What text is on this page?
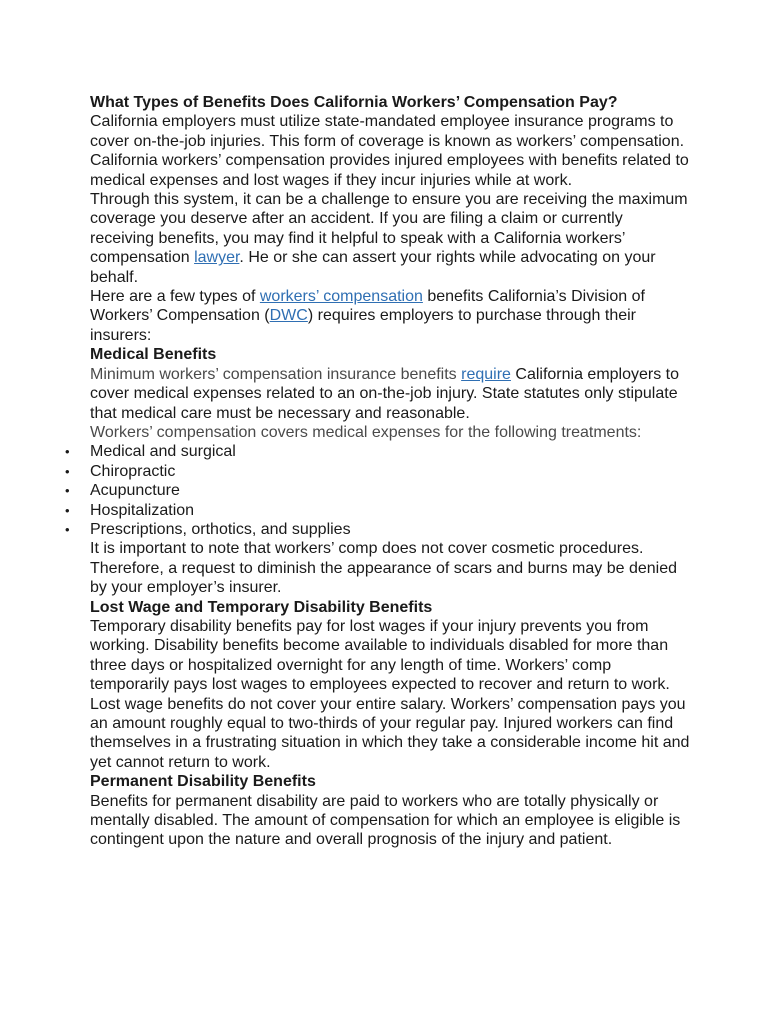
What Types of Benefits Does California Workers’ Compensation Pay?

California employers must utilize state-mandated employee insurance programs to cover on-the-job injuries. This form of coverage is known as workers’ compensation. California workers’ compensation provides injured employees with benefits related to medical expenses and lost wages if they incur injuries while at work.

Through this system, it can be a challenge to ensure you are receiving the maximum coverage you deserve after an accident. If you are filing a claim or currently receiving benefits, you may find it helpful to speak with a California workers’ compensation lawyer. He or she can assert your rights while advocating on your behalf.

Here are a few types of workers’ compensation benefits California’s Division of Workers’ Compensation (DWC) requires employers to purchase through their insurers:

Medical Benefits

Minimum workers’ compensation insurance benefits require California employers to cover medical expenses related to an on-the-job injury. State statutes only stipulate that medical care must be necessary and reasonable.

Workers’ compensation covers medical expenses for the following treatments:

• Medical and surgical
• Chiropractic
• Acupuncture
• Hospitalization
• Prescriptions, orthotics, and supplies

It is important to note that workers’ comp does not cover cosmetic procedures. Therefore, a request to diminish the appearance of scars and burns may be denied by your employer’s insurer.

Lost Wage and Temporary Disability Benefits

Temporary disability benefits pay for lost wages if your injury prevents you from working. Disability benefits become available to individuals disabled for more than three days or hospitalized overnight for any length of time. Workers’ comp temporarily pays lost wages to employees expected to recover and return to work.

Lost wage benefits do not cover your entire salary. Workers’ compensation pays you an amount roughly equal to two-thirds of your regular pay. Injured workers can find themselves in a frustrating situation in which they take a considerable income hit and yet cannot return to work.

Permanent Disability Benefits

Benefits for permanent disability are paid to workers who are totally physically or mentally disabled. The amount of compensation for which an employee is eligible is contingent upon the nature and overall prognosis of the injury and patient.
